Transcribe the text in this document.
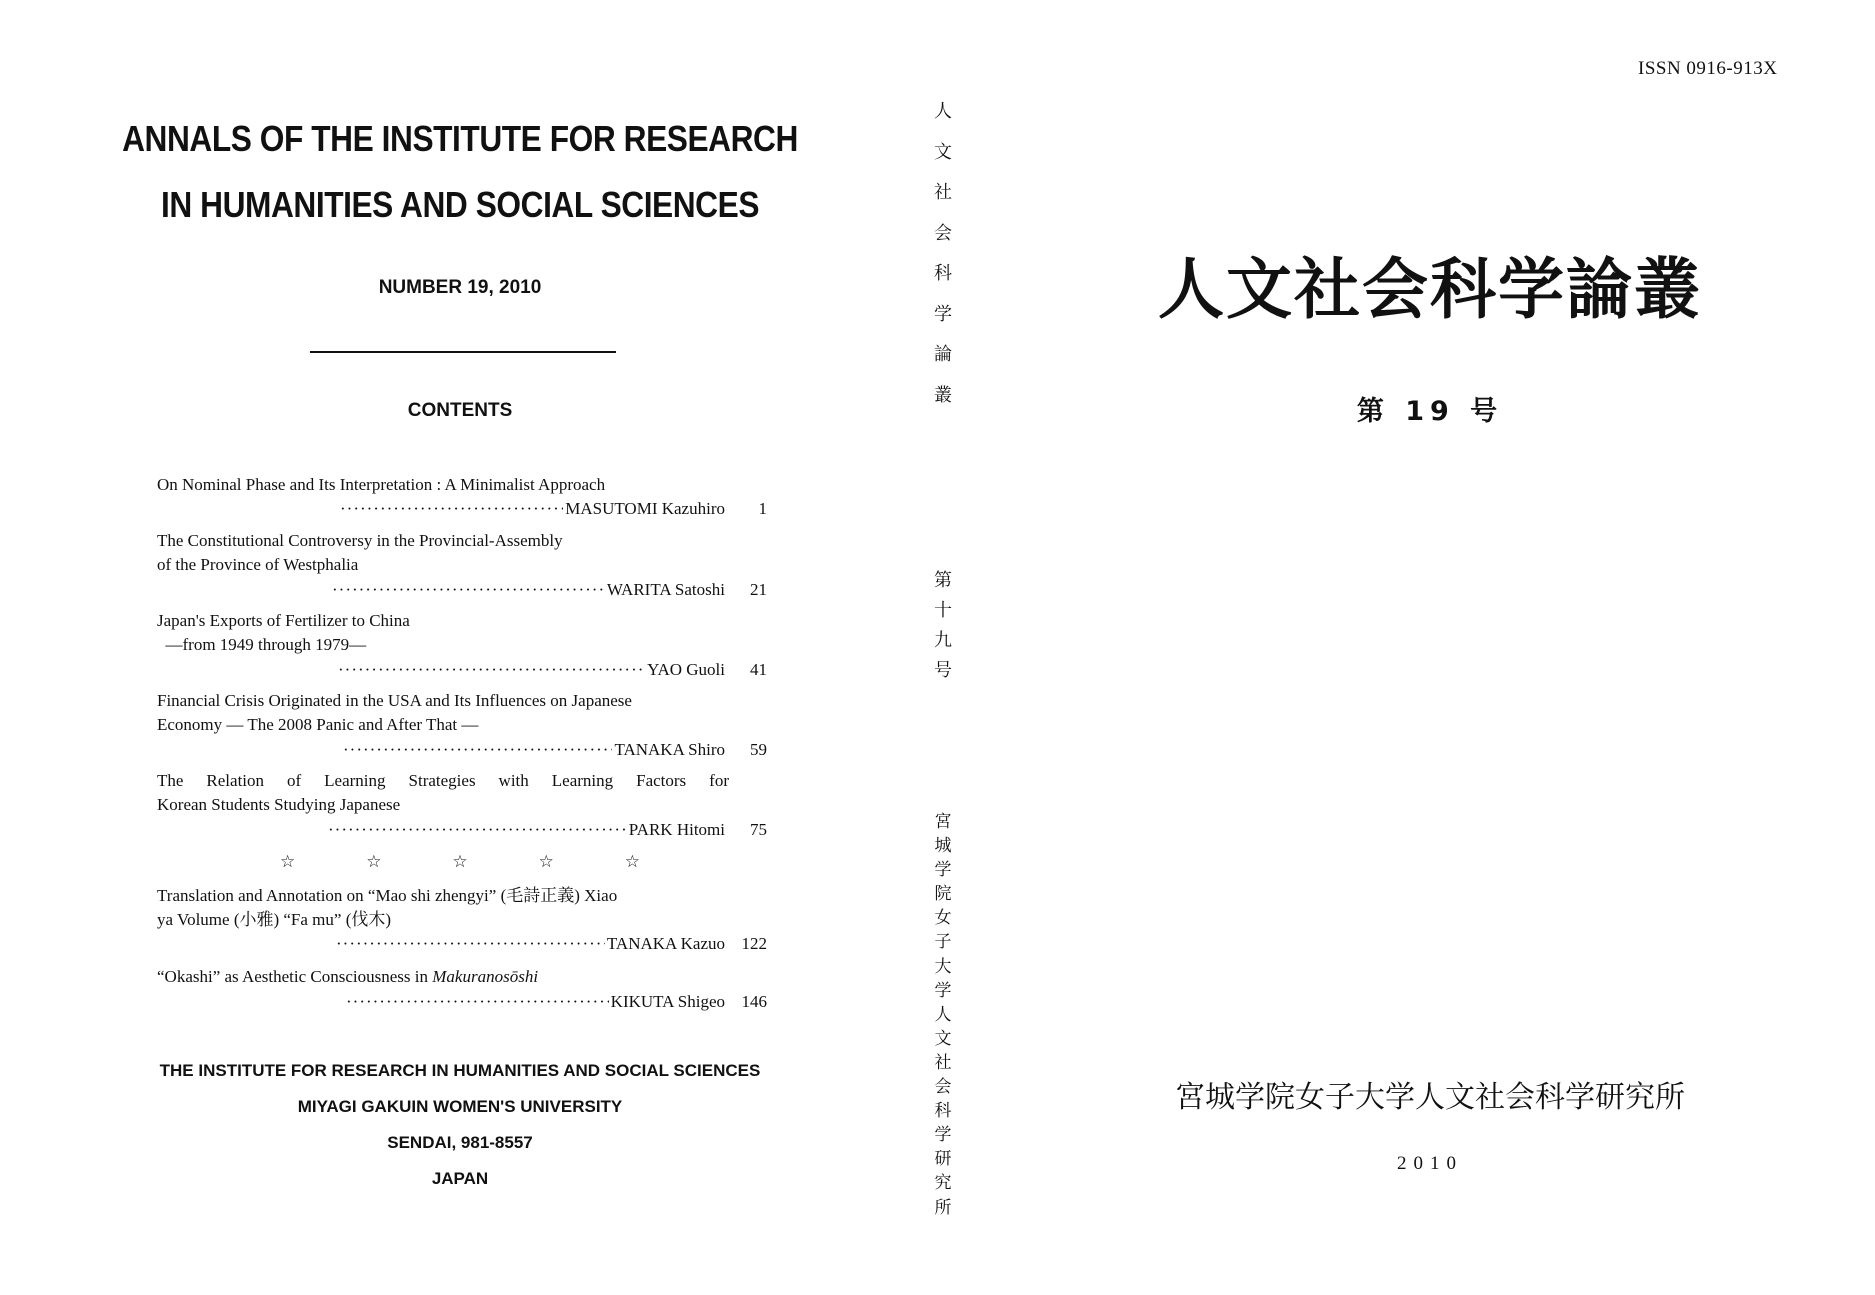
ANNALS OF THE INSTITUTE FOR RESEARCH
IN HUMANITIES AND SOCIAL SCIENCES
NUMBER 19, 2010
CONTENTS
On Nominal Phase and Its Interpretation : A Minimalist Approach
·····
MASUTOMI Kazuhiro	1
The Constitutional Controversy in the Provincial-Assembly
of the Province of Westphalia
·····
WARITA Satoshi	21
Japan's Exports of Fertilizer to China
—from 1949 through 1979—
·····
YAO Guoli	41
Financial Crisis Originated in the USA and Its Influences on Japanese
Economy — The 2008 Panic and After That —
·····
TANAKA Shiro	59
The Relation of Learning Strategies with Learning Factors for
Korean Students Studying Japanese
·····
PARK Hitomi	75
☆	☆	☆	☆	☆
Translation and Annotation on “Mao shi zhengyi” (毛詩正義) Xiao
ya Volume (小雅) “Fa mu” (伐木)
·····
TANAKA Kazuo 122
“Okashi” as Aesthetic Consciousness in Makuranosōshi
·····
KIKUTA Shigeo 146
THE INSTITUTE FOR RESEARCH IN HUMANITIES AND SOCIAL SCIENCES
MIYAGI GAKUIN WOMEN'S UNIVERSITY
SENDAI, 981-8557
JAPAN
人
文
社
会
科
学
論
叢
第
十
九
号
宮
城
学
院
女
子
大
学
人
文
社
会
科
学
研
究
所
ISSN 0916-913X
人文社会科学論叢
第 19 号
宮城学院女子大学人文社会科学研究所
2010
